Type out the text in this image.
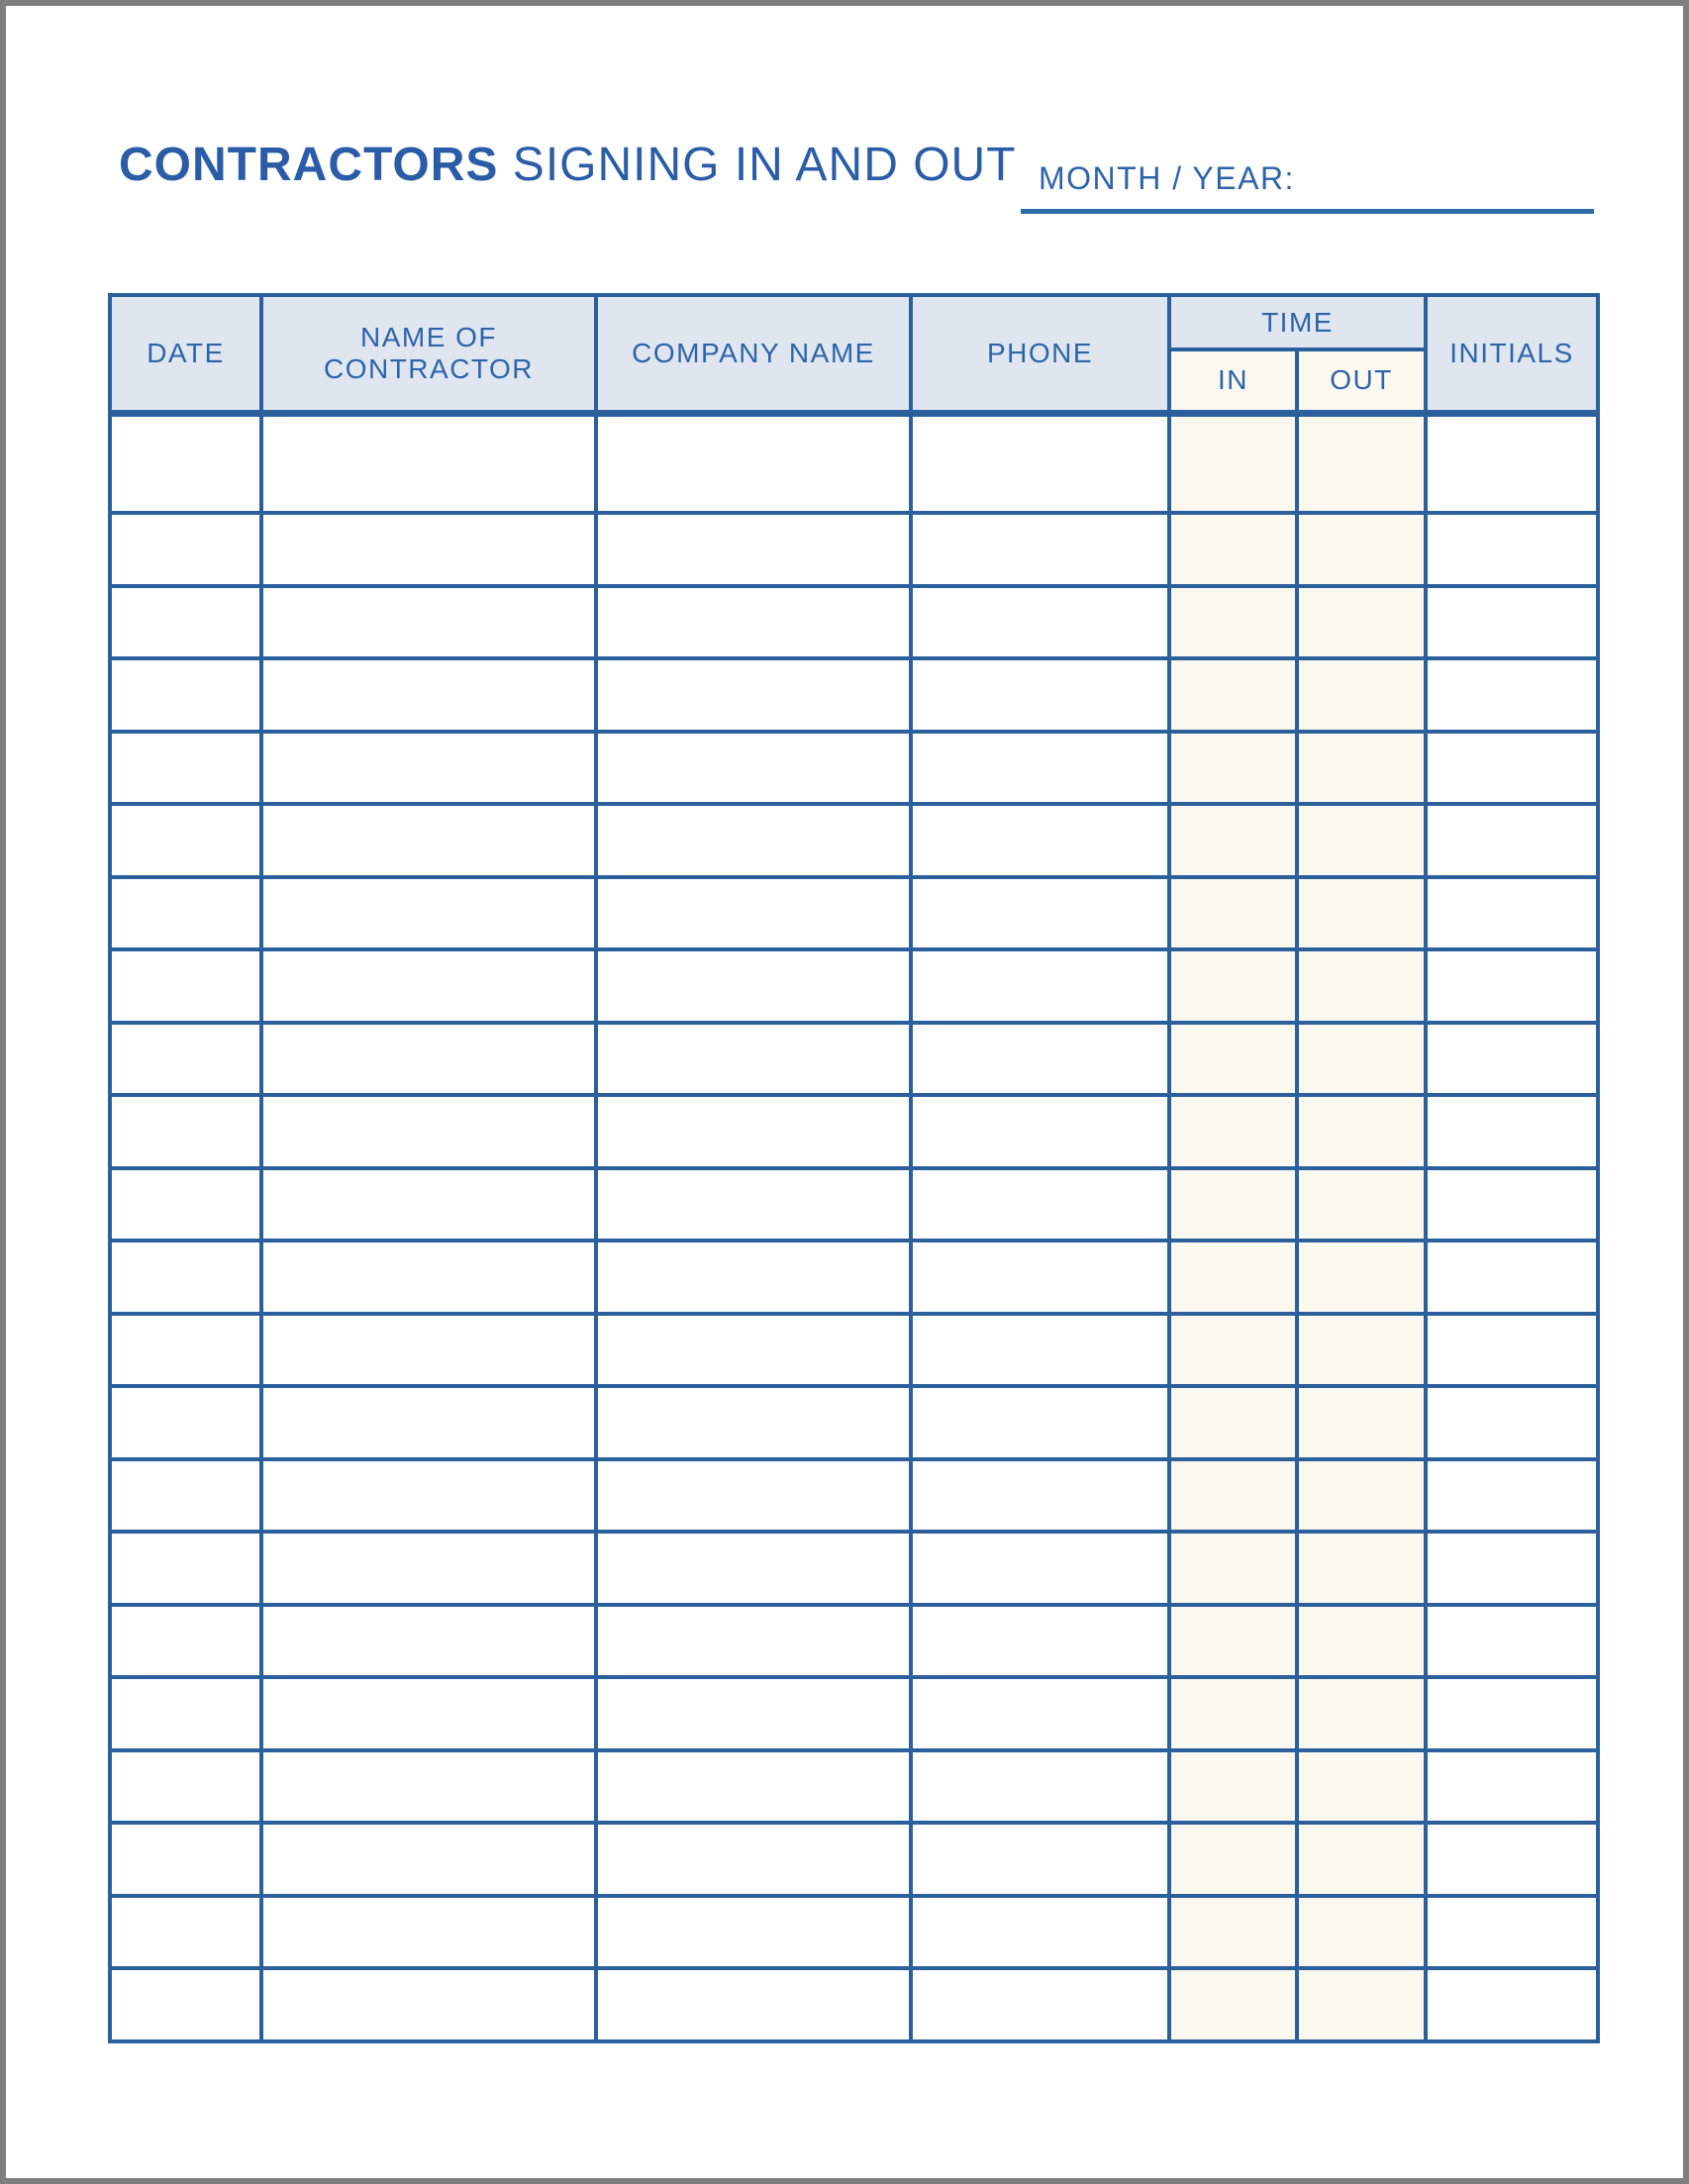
CONTRACTORS SIGNING IN AND OUT MONTH / YEAR:
DATE	NAME OF CONTRACTOR	COMPANY NAME	PHONE	TIME		INITIALS
				IN	OUT	
